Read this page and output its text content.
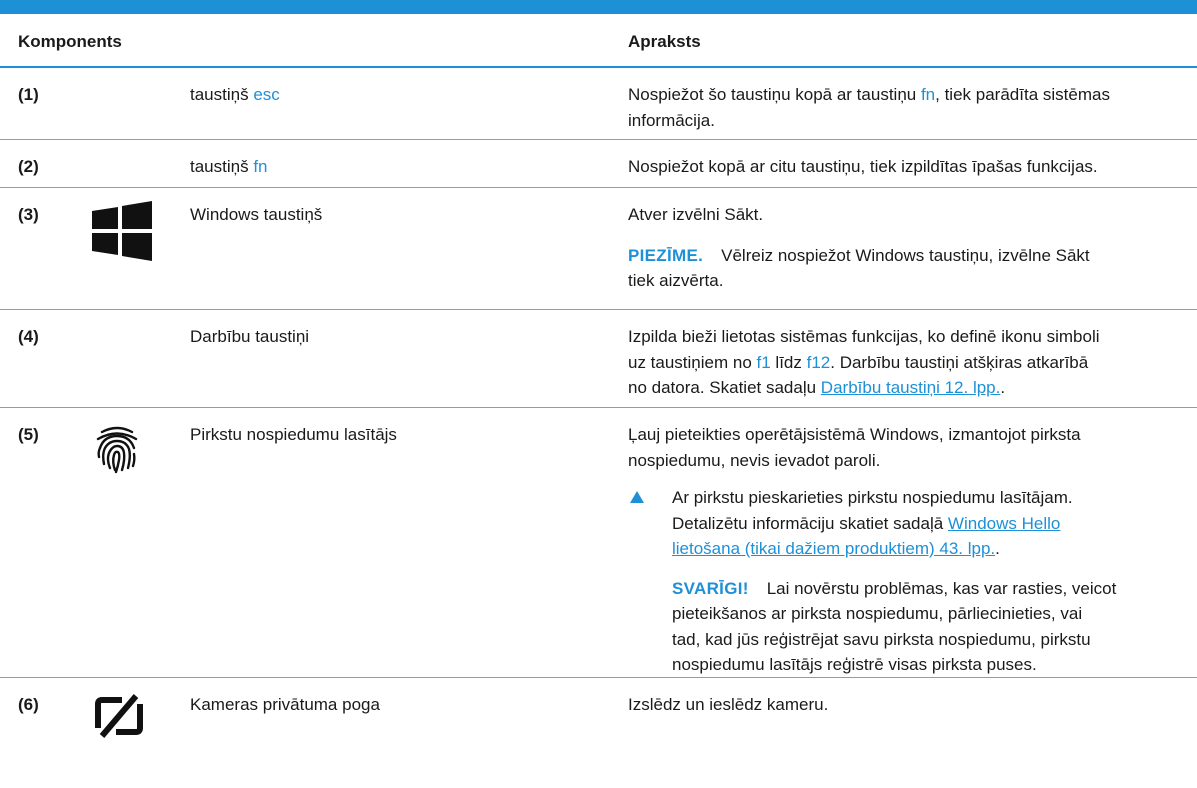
Komponents	Apraksts
(1)	taustiņš esc	Nospiežot šo taustiņu kopā ar taustiņu fn, tiek parādīta sistēmas

informācija.

(2)	taustiņš fn	Nospiežot kopā ar citu taustiņu, tiek izpildītas īpašas funkcijas.

(3)	Windows taustiņš	Atver izvēlni Sākt.

PIEZĪME. Vēlreiz nospiežot Windows taustiņu, izvēlne Sākt

tiek aizvērta.

(4)	Darbību taustiņi	Izpilda bieži lietotas sistēmas funkcijas, ko definē ikonu simboli

uz taustiņiem no f1 līdz f12. Darbību taustiņi atšķiras atkarībā

no datora. Skatiet sadaļu Darbību taustiņi 12. lpp..

(5)	Pirkstu nospiedumu lasītājs	Ļauj pieteikties operētājsistēmā Windows, izmantojot pirksta

nospiedumu, nevis ievadot paroli.

Ar pirkstu pieskarieties pirkstu nospiedumu lasītājam.

Detalizētu informāciju skatiet sadaļā Windows Hello

lietošana (tikai dažiem produktiem) 43. lpp..

SVARĪGI! Lai novērstu problēmas, kas var rasties, veicot

pieteikšanos ar pirksta nospiedumu, pārliecinieties, vai

tad, kad jūs reģistrējat savu pirksta nospiedumu, pirkstu

nospiedumu lasītājs reģistrē visas pirksta puses.

(6)	Kameras privātuma poga	Izslēdz un ieslēdz kameru.
